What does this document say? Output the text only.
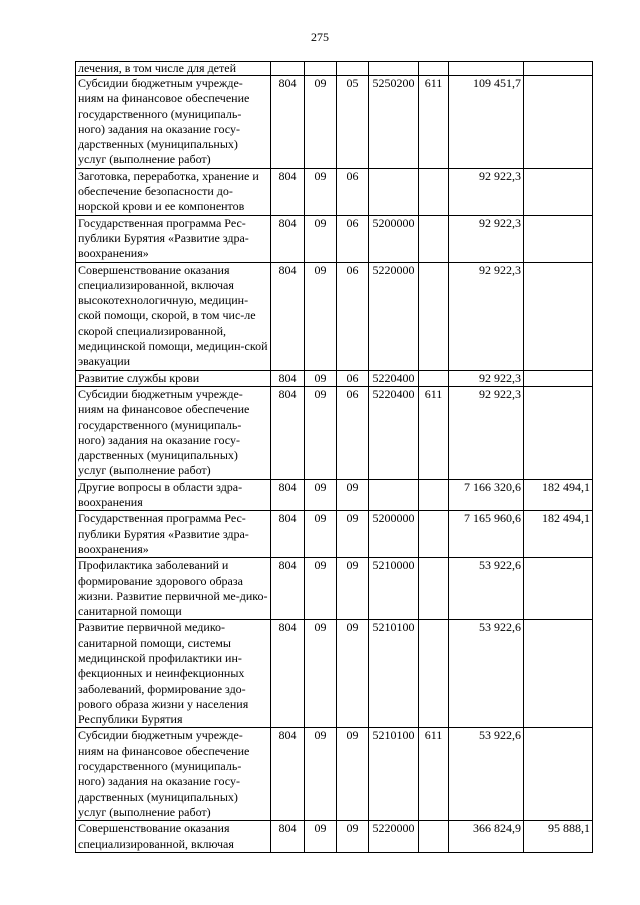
275
лечения, в том числе для детей							
Субсидии бюджетным учрежде-ниям на финансовое обеспечение государственного (муниципаль-ного) задания на оказание госу-дарственных (муниципальных) услуг (выполнение работ)	804	09	05	5250200	611	109 451,7	
Заготовка, переработка, хранение и обеспечение безопасности до-норской крови и ее компонентов	804	09	06			92 922,3	
Государственная программа Рес-публики Бурятия «Развитие здра-воохранения»	804	09	06	5200000		92 922,3	
Совершенствование оказания специализированной, включая высокотехнологичную, медицин-ской помощи, скорой, в том чис-ле скорой специализированной, медицинской помощи, медицин-ской эвакуации	804	09	06	5220000		92 922,3	
Развитие службы крови	804	09	06	5220400		92 922,3	
Субсидии бюджетным учрежде-ниям на финансовое обеспечение государственного (муниципаль-ного) задания на оказание госу-дарственных (муниципальных) услуг (выполнение работ)	804	09	06	5220400	611	92 922,3	
Другие вопросы в области здра-воохранения	804	09	09			7 166 320,6	182 494,1
Государственная программа Рес-публики Бурятия «Развитие здра-воохранения»	804	09	09	5200000		7 165 960,6	182 494,1
Профилактика заболеваний и формирование здорового образа жизни. Развитие первичной ме-дико-санитарной помощи	804	09	09	5210000		53 922,6	
Развитие первичной медико-санитарной помощи, системы медицинской профилактики ин-фекционных и неинфекционных заболеваний, формирование здо-рового образа жизни у населения Республики Бурятия	804	09	09	5210100		53 922,6	
Субсидии бюджетным учрежде-ниям на финансовое обеспечение государственного (муниципаль-ного) задания на оказание госу-дарственных (муниципальных) услуг (выполнение работ)	804	09	09	5210100	611	53 922,6	
Совершенствование оказания специализированной, включая	804	09	09	5220000		366 824,9	95 888,1
